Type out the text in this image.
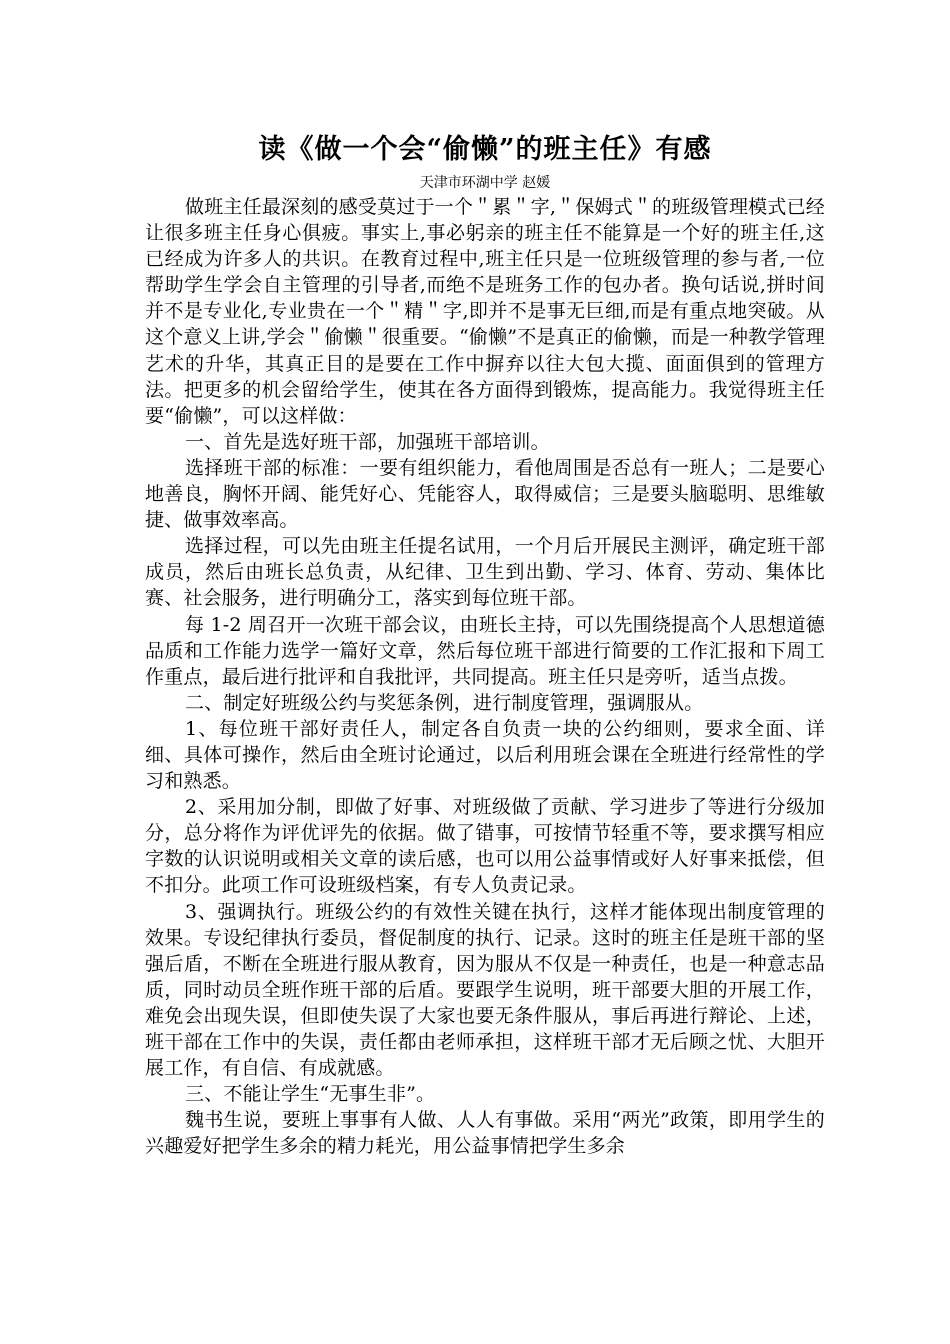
读《做一个会“偷懒”的班主任》有感

天津市环湖中学 赵媛

做班主任最深刻的感受莫过于一个＂累＂字,＂保姆式＂的班级管理模式已经让很多班主任身心俱疲。事实上,事必躬亲的班主任不能算是一个好的班主任,这已经成为许多人的共识。在教育过程中,班主任只是一位班级管理的参与者,一位帮助学生学会自主管理的引导者,而绝不是班务工作的包办者。换句话说,拼时间并不是专业化,专业贵在一个＂精＂字,即并不是事无巨细,而是有重点地突破。从这个意义上讲,学会＂偷懒＂很重要。“偷懒”不是真正的偷懒，而是一种教学管理艺术的升华，其真正目的是要在工作中摒弃以往大包大揽、面面俱到的管理方法。把更多的机会留给学生，使其在各方面得到锻炼，提高能力。我觉得班主任要“偷懒”，可以这样做：

一、首先是选好班干部，加强班干部培训。

选择班干部的标准：一要有组织能力，看他周围是否总有一班人；二是要心地善良，胸怀开阔、能凭好心、凭能容人，取得威信；三是要头脑聪明、思维敏捷、做事效率高。

选择过程，可以先由班主任提名试用，一个月后开展民主测评，确定班干部成员，然后由班长总负责，从纪律、卫生到出勤、学习、体育、劳动、集体比赛、社会服务，进行明确分工，落实到每位班干部。

每 1-2 周召开一次班干部会议，由班长主持，可以先围绕提高个人思想道德品质和工作能力选学一篇好文章，然后每位班干部进行简要的工作汇报和下周工作重点，最后进行批评和自我批评，共同提高。班主任只是旁听，适当点拨。

二、制定好班级公约与奖惩条例，进行制度管理，强调服从。

1、每位班干部好责任人，制定各自负责一块的公约细则，要求全面、详细、具体可操作，然后由全班讨论通过，以后利用班会课在全班进行经常性的学习和熟悉。

2、采用加分制，即做了好事、对班级做了贡献、学习进步了等进行分级加分，总分将作为评优评先的依据。做了错事，可按情节轻重不等，要求撰写相应字数的认识说明或相关文章的读后感，也可以用公益事情或好人好事来抵偿，但不扣分。此项工作可设班级档案，有专人负责记录。

3、强调执行。班级公约的有效性关键在执行，这样才能体现出制度管理的效果。专设纪律执行委员，督促制度的执行、记录。这时的班主任是班干部的坚强后盾，不断在全班进行服从教育，因为服从不仅是一种责任，也是一种意志品质，同时动员全班作班干部的后盾。要跟学生说明，班干部要大胆的开展工作，难免会出现失误，但即使失误了大家也要无条件服从，事后再进行辩论、上述，班干部在工作中的失误，责任都由老师承担，这样班干部才无后顾之忧、大胆开展工作，有自信、有成就感。

三、不能让学生“无事生非”。

魏书生说，要班上事事有人做、人人有事做。采用“两光”政策，即用学生的兴趣爱好把学生多余的精力耗光，用公益事情把学生多余
